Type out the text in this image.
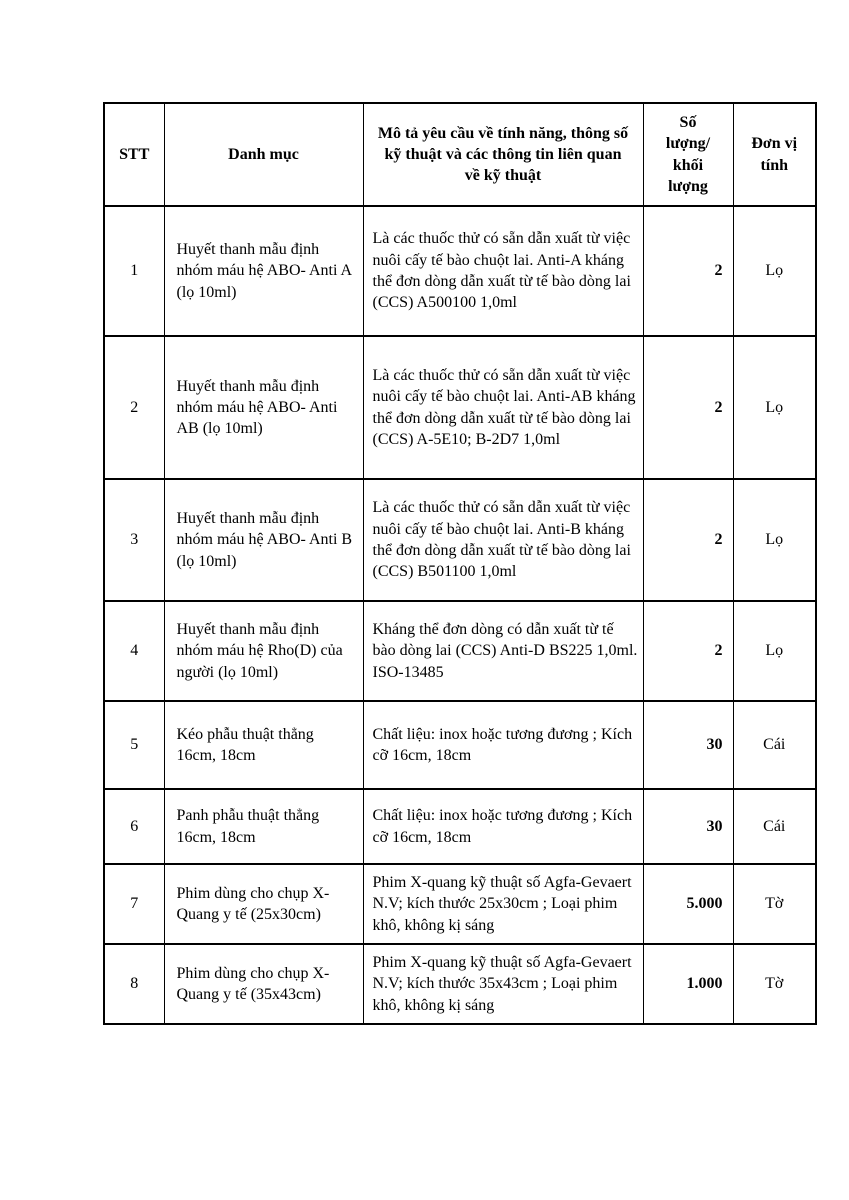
STT	Danh mục	Mô tả yêu cầu về tính năng, thông số kỹ thuật và các thông tin liên quan về kỹ thuật	Số lượng/ khối lượng	Đơn vị tính
1	Huyết thanh mẫu định nhóm máu hệ ABO- Anti A (lọ 10ml)	Là các thuốc thử có sẵn dẫn xuất từ việc nuôi cấy tế bào chuột lai. Anti-A kháng thể đơn dòng dẫn xuất từ tế bào dòng lai (CCS) A500100 1,0ml	2	Lọ
2	Huyết thanh mẫu định nhóm máu hệ ABO- Anti AB (lọ 10ml)	Là các thuốc thử có sẵn dẫn xuất từ việc nuôi cấy tế bào chuột lai. Anti-AB kháng thể đơn dòng dẫn xuất từ tế bào dòng lai (CCS) A-5E10; B-2D7 1,0ml	2	Lọ
3	Huyết thanh mẫu định nhóm máu hệ ABO- Anti B (lọ 10ml)	Là các thuốc thử có sẵn dẫn xuất từ việc nuôi cấy tế bào chuột lai. Anti-B kháng thể đơn dòng dẫn xuất từ tế bào dòng lai (CCS) B501100 1,0ml	2	Lọ
4	Huyết thanh mẫu định nhóm máu hệ Rho(D) của người (lọ 10ml)	Kháng thể đơn dòng có dẫn xuất từ tế bào dòng lai (CCS) Anti-D BS225 1,0ml. ISO-13485	2	Lọ
5	Kéo phẫu thuật thẳng 16cm, 18cm	Chất liệu: inox hoặc tương đương ; Kích cỡ 16cm, 18cm	30	Cái
6	Panh phẫu thuật thẳng 16cm, 18cm	Chất liệu: inox hoặc tương đương ; Kích cỡ 16cm, 18cm	30	Cái
7	Phim dùng cho chụp X-Quang y tế (25x30cm)	Phim X-quang kỹ thuật số Agfa-Gevaert N.V; kích thước 25x30cm ; Loại phim khô, không kị sáng	5.000	Tờ
8	Phim dùng cho chụp X-Quang y tế (35x43cm)	Phim X-quang kỹ thuật số Agfa-Gevaert N.V; kích thước 35x43cm ; Loại phim khô, không kị sáng	1.000	Tờ
